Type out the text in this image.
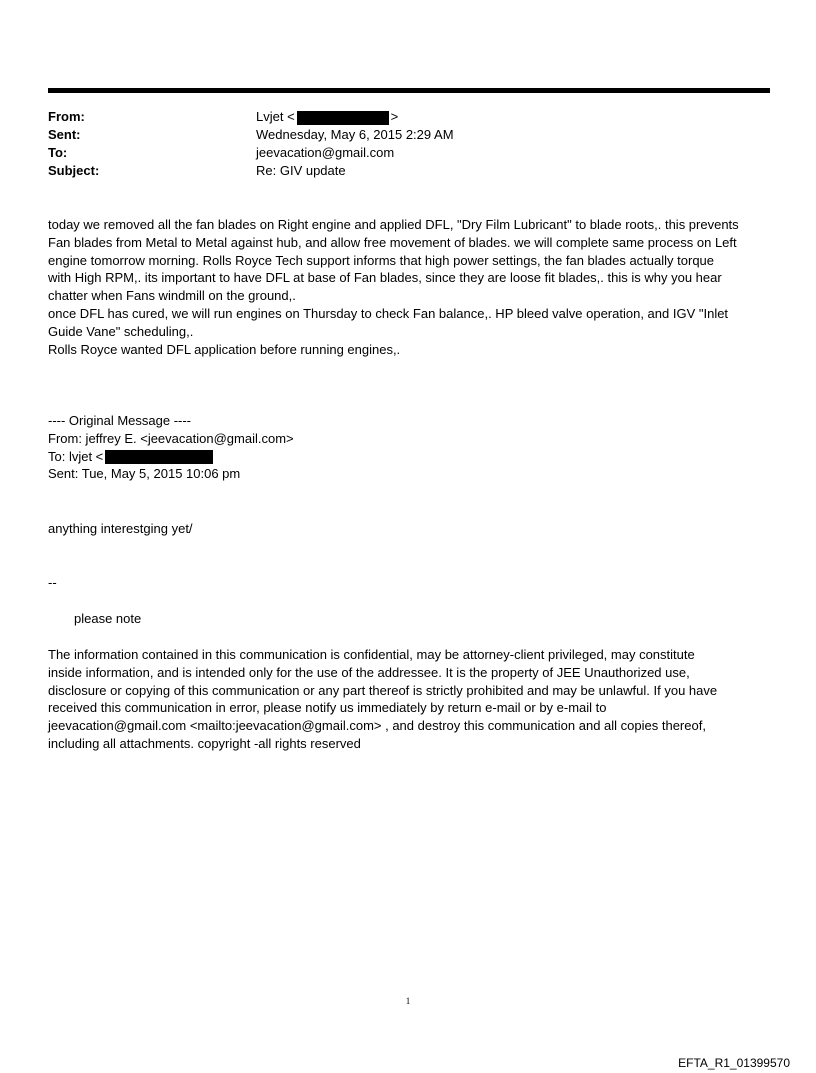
From:	Lvjet <	>
Sent:	Wednesday, May 6, 2015 2:29 AM
To:	jeevacation@gmail.com
Subject:	Re: GIV update
today we removed all the fan blades on Right engine and applied DFL, "Dry Film Lubricant" to blade roots,. this prevents
Fan blades from Metal to Metal against hub, and allow free movement of blades. we will complete same process on Left
engine tomorrow morning. Rolls Royce Tech support informs that high power settings, the fan blades actually torque
with High RPM,. its important to have DFL at base of Fan blades, since they are loose fit blades,. this is why you hear
chatter when Fans windmill on the ground,.
once DFL has cured, we will run engines on Thursday to check Fan balance,. HP bleed valve operation, and IGV "Inlet
Guide Vane" scheduling,.
Rolls Royce wanted DFL application before running engines,.
---- Original Message ----
From: jeffrey E. <jeevacation@gmail.com>
To: lvjet <
Sent: Tue, May 5, 2015 10:06 pm
anything interestging yet/
--
please note
The information contained in this communication is confidential, may be attorney-client privileged, may constitute
inside information, and is intended only for the use of the addressee. It is the property of JEE Unauthorized use,
disclosure or copying of this communication or any part thereof is strictly prohibited and may be unlawful. If you have
received this communication in error, please notify us immediately by return e-mail or by e-mail to
jeevacation@gmail.com <mailto:jeevacation@gmail.com> , and destroy this communication and all copies thereof,
including all attachments. copyright -all rights reserved
1
EFTA_R1_01399570
